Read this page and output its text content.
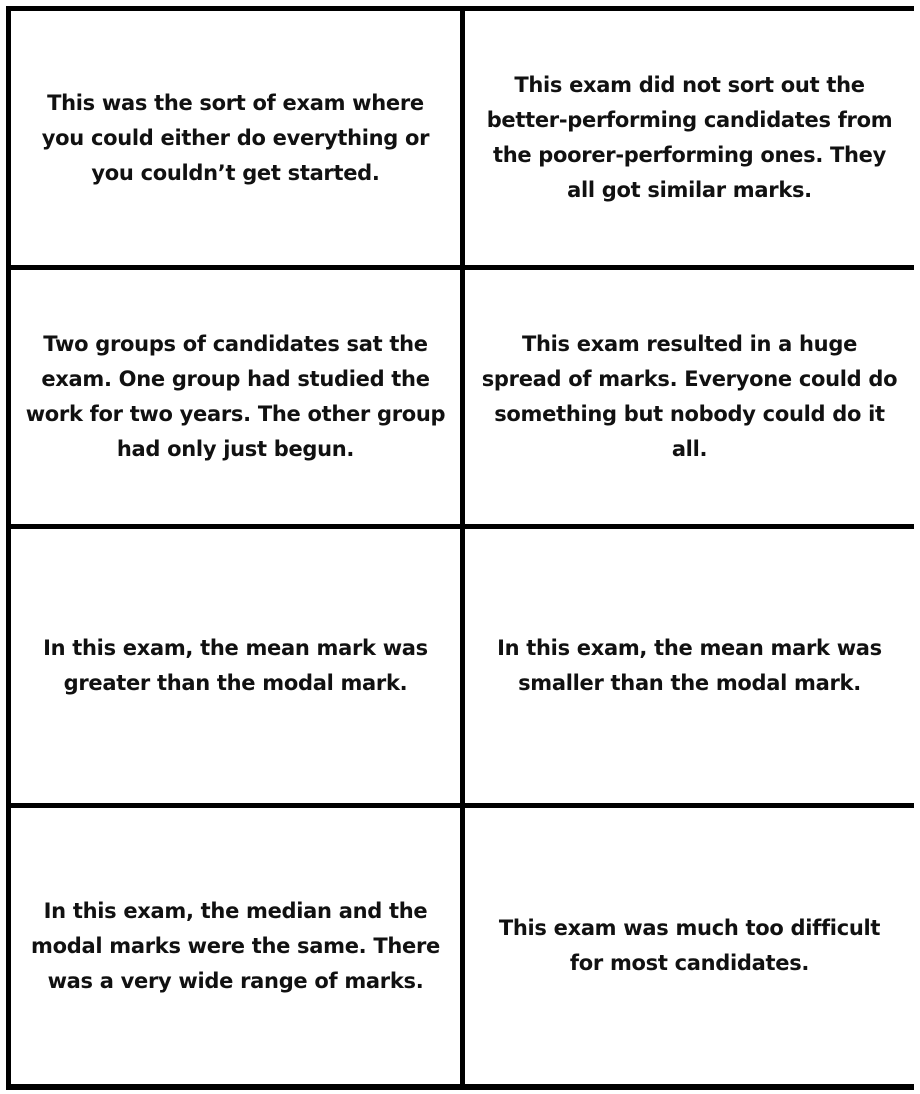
This was the sort of exam where you could either do everything or you couldn’t get started.
This exam did not sort out the better-performing candidates from the poorer-performing ones. They all got similar marks.
Two groups of candidates sat the exam. One group had studied the work for two years. The other group had only just begun.
This exam resulted in a huge spread of marks. Everyone could do something but nobody could do it all.
In this exam, the mean mark was greater than the modal mark.
In this exam, the mean mark was smaller than the modal mark.
In this exam, the median and the modal marks were the same. There was a very wide range of marks.
This exam was much too difficult for most candidates.
